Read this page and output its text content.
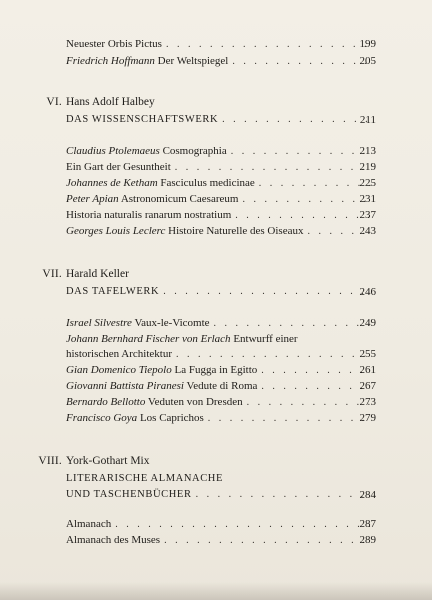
Neuester Orbis Pictus . . .	199
Friedrich Hoffmann Der Weltspiegel . . .	205
VI. Hans Adolf Halbey
DAS WISSENSCHAFTSWERK . . .	211
Claudius Ptolemaeus Cosmographia . . .	213
Ein Gart der Gesuntheit . . .	219
Johannes de Ketham Fasciculus medicinae . . .	225
Peter Apian Astronomicum Caesareum . . .	231
Historia naturalis ranarum nostratium . . .	237
Georges Louis Leclerc Histoire Naturelle des Oiseaux . . .	243
VII. Harald Keller
DAS TAFELWERK . . .	246
Israel Silvestre Vaux-le-Vicomte . . .	249
Johann Bernhard Fischer von Erlach Entwurff einer
historischen Architektur . . .	255
Gian Domenico Tiepolo La Fugga in Egitto . . .	261
Giovanni Battista Piranesi Vedute di Roma . . .	267
Bernardo Bellotto Veduten von Dresden . . .	273
Francisco Goya Los Caprichos . . .	279
VIII. York-Gothart Mix
LITERARISCHE ALMANACHE
UND TASCHENBÜCHER . . .	284
Almanach . . .	287
Almanach des Muses . . .	289
